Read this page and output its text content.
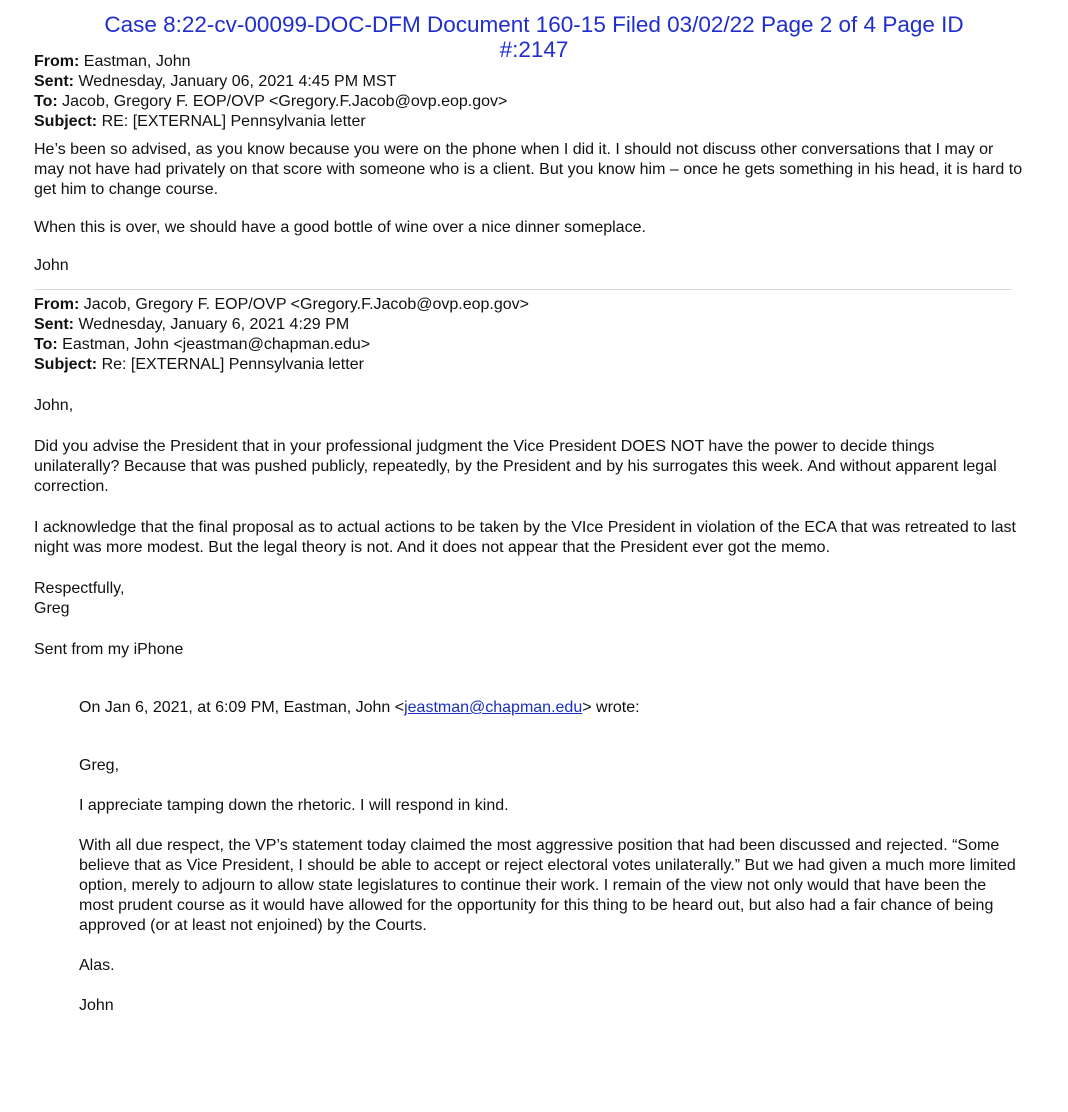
Case 8:22-cv-00099-DOC-DFM Document 160-15 Filed 03/02/22 Page 2 of 4 Page ID
#:2147

From: Eastman, John

Sent: Wednesday, January 06, 2021 4:45 PM MST

To: Jacob, Gregory F. EOP/OVP <Gregory.F.Jacob@ovp.eop.gov>

Subject: RE: [EXTERNAL] Pennsylvania letter

He’s been so advised, as you know because you were on the phone when I did it. I should not discuss other conversations that I may or may not have had privately on that score with someone who is a client. But you know him – once he gets something in his head, it is hard to get him to change course.

When this is over, we should have a good bottle of wine over a nice dinner someplace.

John

From: Jacob, Gregory F. EOP/OVP <Gregory.F.Jacob@ovp.eop.gov>

Sent: Wednesday, January 6, 2021 4:29 PM

To: Eastman, John <jeastman@chapman.edu>

Subject: Re: [EXTERNAL] Pennsylvania letter

John,

Did you advise the President that in your professional judgment the Vice President DOES NOT have the power to decide things unilaterally? Because that was pushed publicly, repeatedly, by the President and by his surrogates this week. And without apparent legal correction.

I acknowledge that the final proposal as to actual actions to be taken by the VIce President in violation of the ECA that was retreated to last night was more modest. But the legal theory is not. And it does not appear that the President ever got the memo.

Respectfully,

Greg

Sent from my iPhone

On Jan 6, 2021, at 6:09 PM, Eastman, John <jeastman@chapman.edu> wrote:

Greg,

I appreciate tamping down the rhetoric. I will respond in kind.

With all due respect, the VP’s statement today claimed the most aggressive position that had been discussed and rejected. “Some believe that as Vice President, I should be able to accept or reject electoral votes unilaterally.” But we had given a much more limited option, merely to adjourn to allow state legislatures to continue their work. I remain of the view not only would that have been the most prudent course as it would have allowed for the opportunity for this thing to be heard out, but also had a fair chance of being approved (or at least not enjoined) by the Courts.

Alas.

John
